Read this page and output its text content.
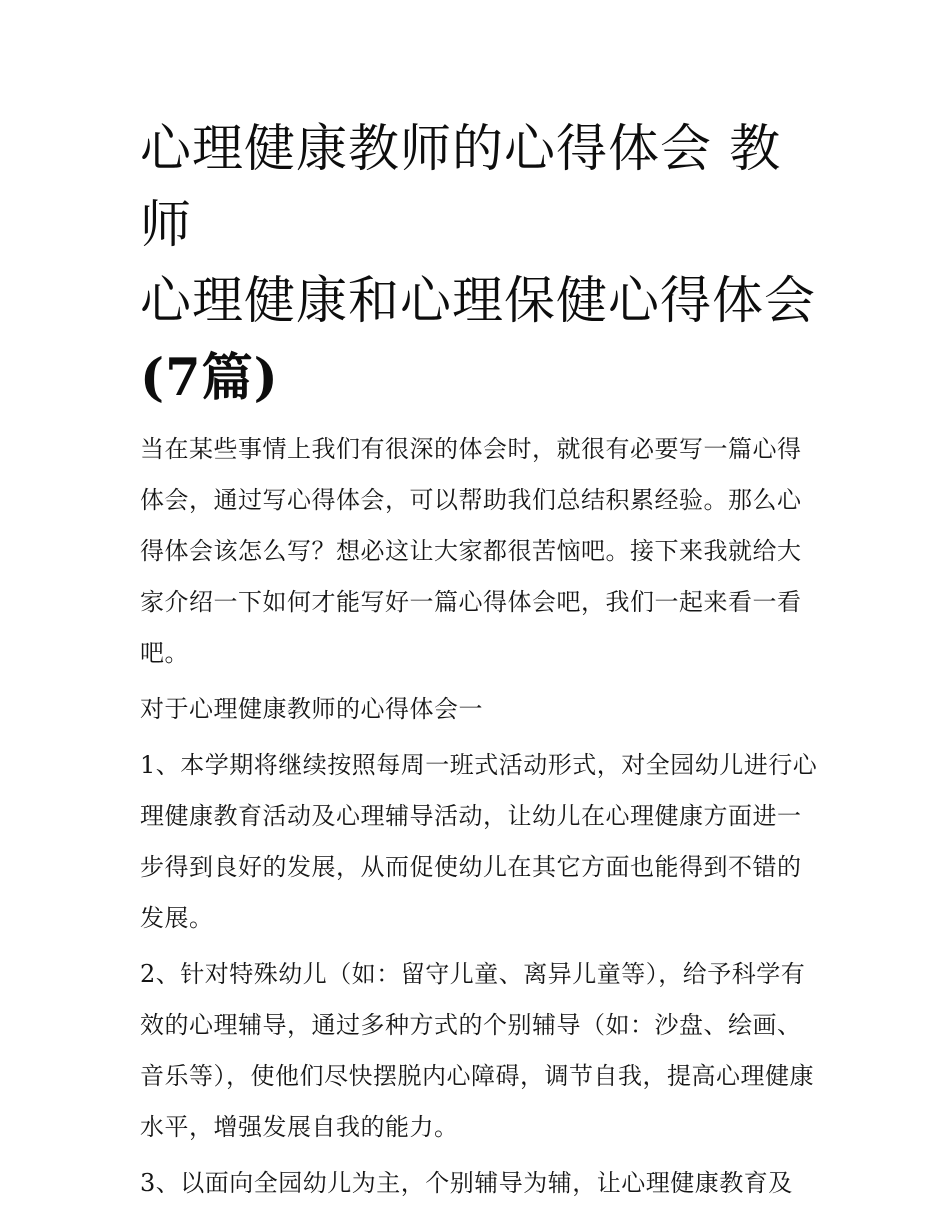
心理健康教师的心得体会 教师
心理健康和心理保健心得体会
(7篇)

当在某些事情上我们有很深的体会时，就很有必要写一篇心得体会，通过写心得体会，可以帮助我们总结积累经验。那么心得体会该怎么写？想必这让大家都很苦恼吧。接下来我就给大家介绍一下如何才能写好一篇心得体会吧，我们一起来看一看吧。

对于心理健康教师的心得体会一

1、本学期将继续按照每周一班式活动形式，对全园幼儿进行心理健康教育活动及心理辅导活动，让幼儿在心理健康方面进一步得到良好的发展，从而促使幼儿在其它方面也能得到不错的发展。

2、针对特殊幼儿（如：留守儿童、离异儿童等），给予科学有效的心理辅导，通过多种方式的个别辅导（如：沙盘、绘画、音乐等），使他们尽快摆脱内心障碍，调节自我，提高心理健康水平，增强发展自我的能力。

3、以面向全园幼儿为主，个别辅导为辅，让心理健康教育及
